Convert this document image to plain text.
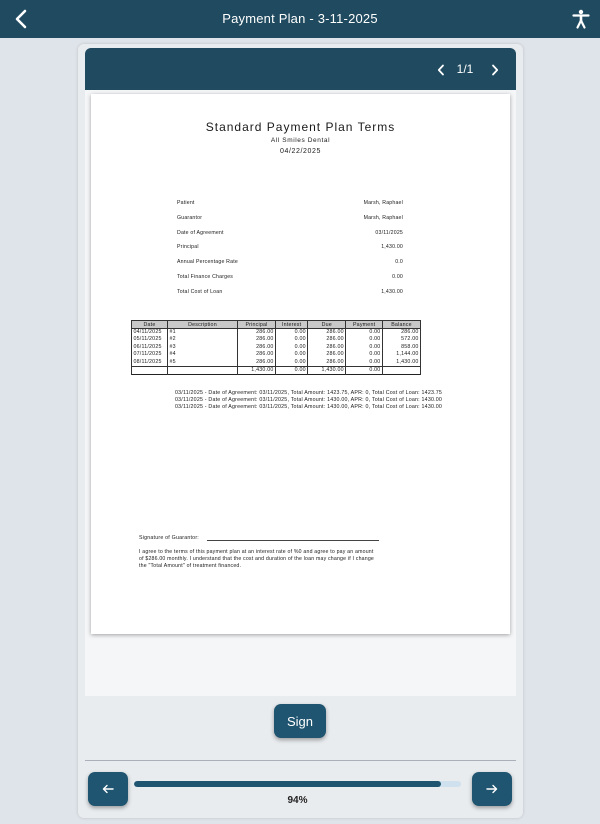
Payment Plan - 3-11-2025
1/1
Standard Payment Plan Terms
All Smiles Dental
04/22/2025
Patient	Marsh, Raphael
Guarantor	Marsh, Raphael
Date of Agreement	03/11/2025
Principal	1,430.00
Annual Percentage Rate	0.0
Total Finance Charges	0.00
Total Cost of Loan	1,430.00
Date	Description	Principal	Interest	Due	Payment	Balance
04/11/2025	#1	286.00	0.00	286.00	0.00	286.00
05/11/2025	#2	286.00	0.00	286.00	0.00	572.00
06/11/2025	#3	286.00	0.00	286.00	0.00	858.00
07/11/2025	#4	286.00	0.00	286.00	0.00	1,144.00
08/11/2025	#5	286.00	0.00	286.00	0.00	1,430.00
		1,430.00	0.00	1,430.00	0.00	
03/11/2025 - Date of Agreement: 03/11/2025, Total Amount: 1423.75, APR: 0, Total Cost of Loan: 1423.75
03/11/2025 - Date of Agreement: 03/11/2025, Total Amount: 1430.00, APR: 0, Total Cost of Loan: 1430.00
03/11/2025 - Date of Agreement: 03/11/2025, Total Amount: 1430.00, APR: 0, Total Cost of Loan: 1430.00
Signature of Guarantor:
I agree to the terms of this payment plan at an interest rate of %0 and agree to pay an amount of $286.00 monthly. I understand that the cost and duration of the loan may change if I change the "Total Amount" of treatment financed.
Sign
94%
